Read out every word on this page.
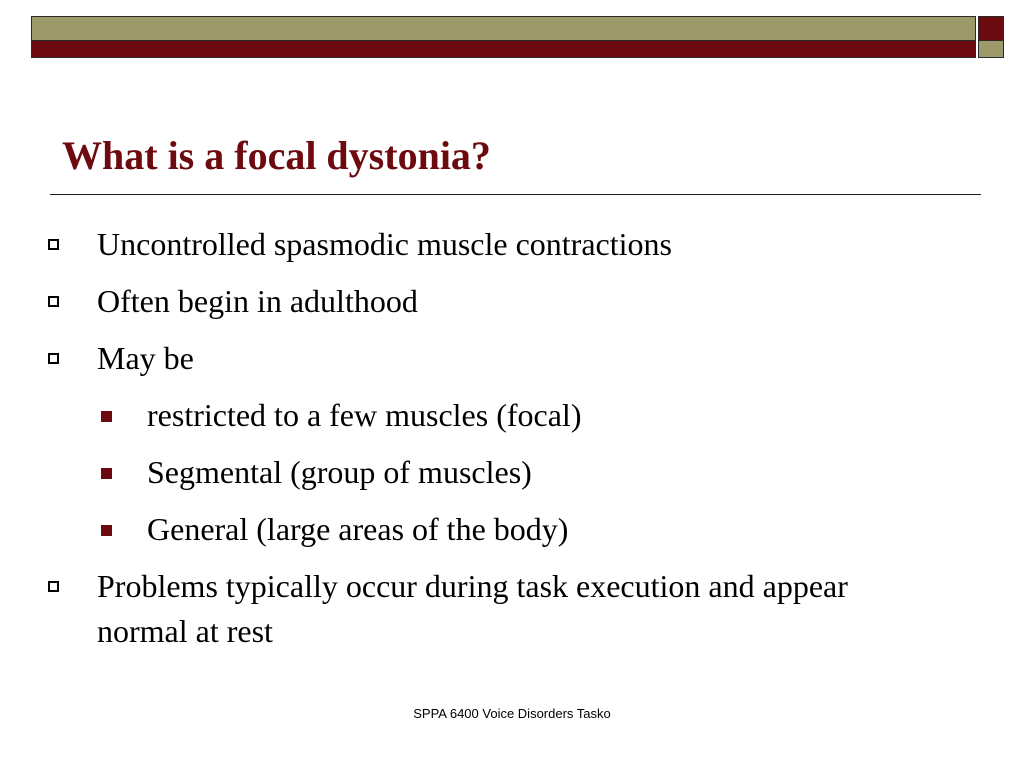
What is a focal dystonia?
Uncontrolled spasmodic muscle contractions
Often begin in adulthood
May be
restricted to a few muscles (focal)
Segmental (group of muscles)
General (large areas of the body)
Problems typically occur during task execution and appear normal at rest
SPPA 6400 Voice Disorders Tasko
